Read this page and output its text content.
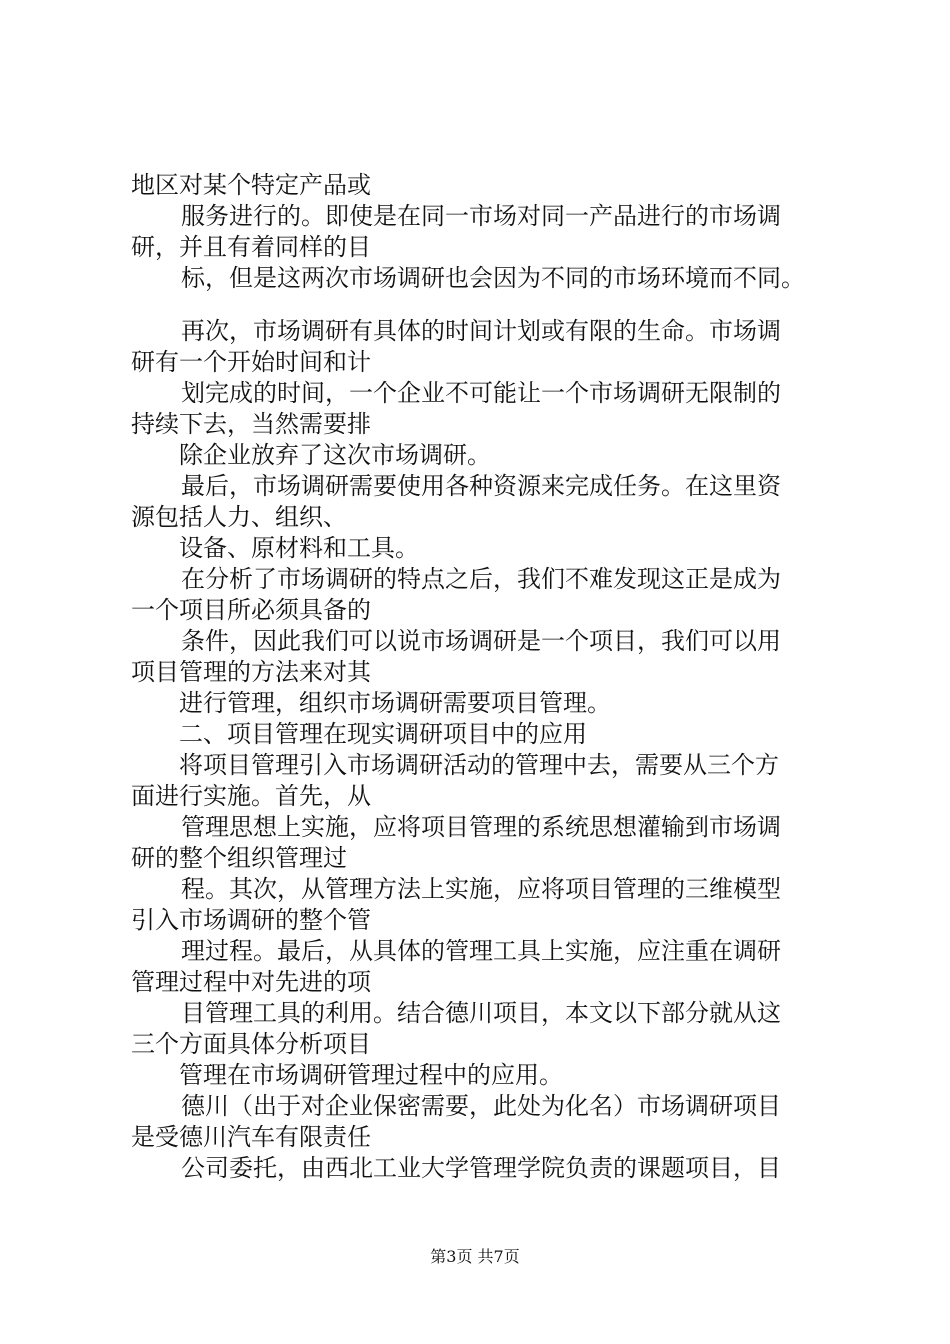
地区对某个特定产品或
服务进行的。即使是在同一市场对同一产品进行的市场调
研，并且有着同样的目
标，但是这两次市场调研也会因为不同的市场环境而不同。
再次，市场调研有具体的时间计划或有限的生命。市场调
研有一个开始时间和计
划完成的时间，一个企业不可能让一个市场调研无限制的
持续下去，当然需要排
除企业放弃了这次市场调研。
最后，市场调研需要使用各种资源来完成任务。在这里资
源包括人力、组织、
设备、原材料和工具。
在分析了市场调研的特点之后，我们不难发现这正是成为
一个项目所必须具备的
条件，因此我们可以说市场调研是一个项目，我们可以用
项目管理的方法来对其
进行管理，组织市场调研需要项目管理。
二、项目管理在现实调研项目中的应用
将项目管理引入市场调研活动的管理中去，需要从三个方
面进行实施。首先，从
管理思想上实施，应将项目管理的系统思想灌输到市场调
研的整个组织管理过
程。其次，从管理方法上实施，应将项目管理的三维模型
引入市场调研的整个管
理过程。最后，从具体的管理工具上实施，应注重在调研
管理过程中对先进的项
目管理工具的利用。结合德川项目，本文以下部分就从这
三个方面具体分析项目
管理在市场调研管理过程中的应用。
德川（出于对企业保密需要，此处为化名）市场调研项目
是受德川汽车有限责任
公司委托，由西北工业大学管理学院负责的课题项目，目
第3页 共7页
